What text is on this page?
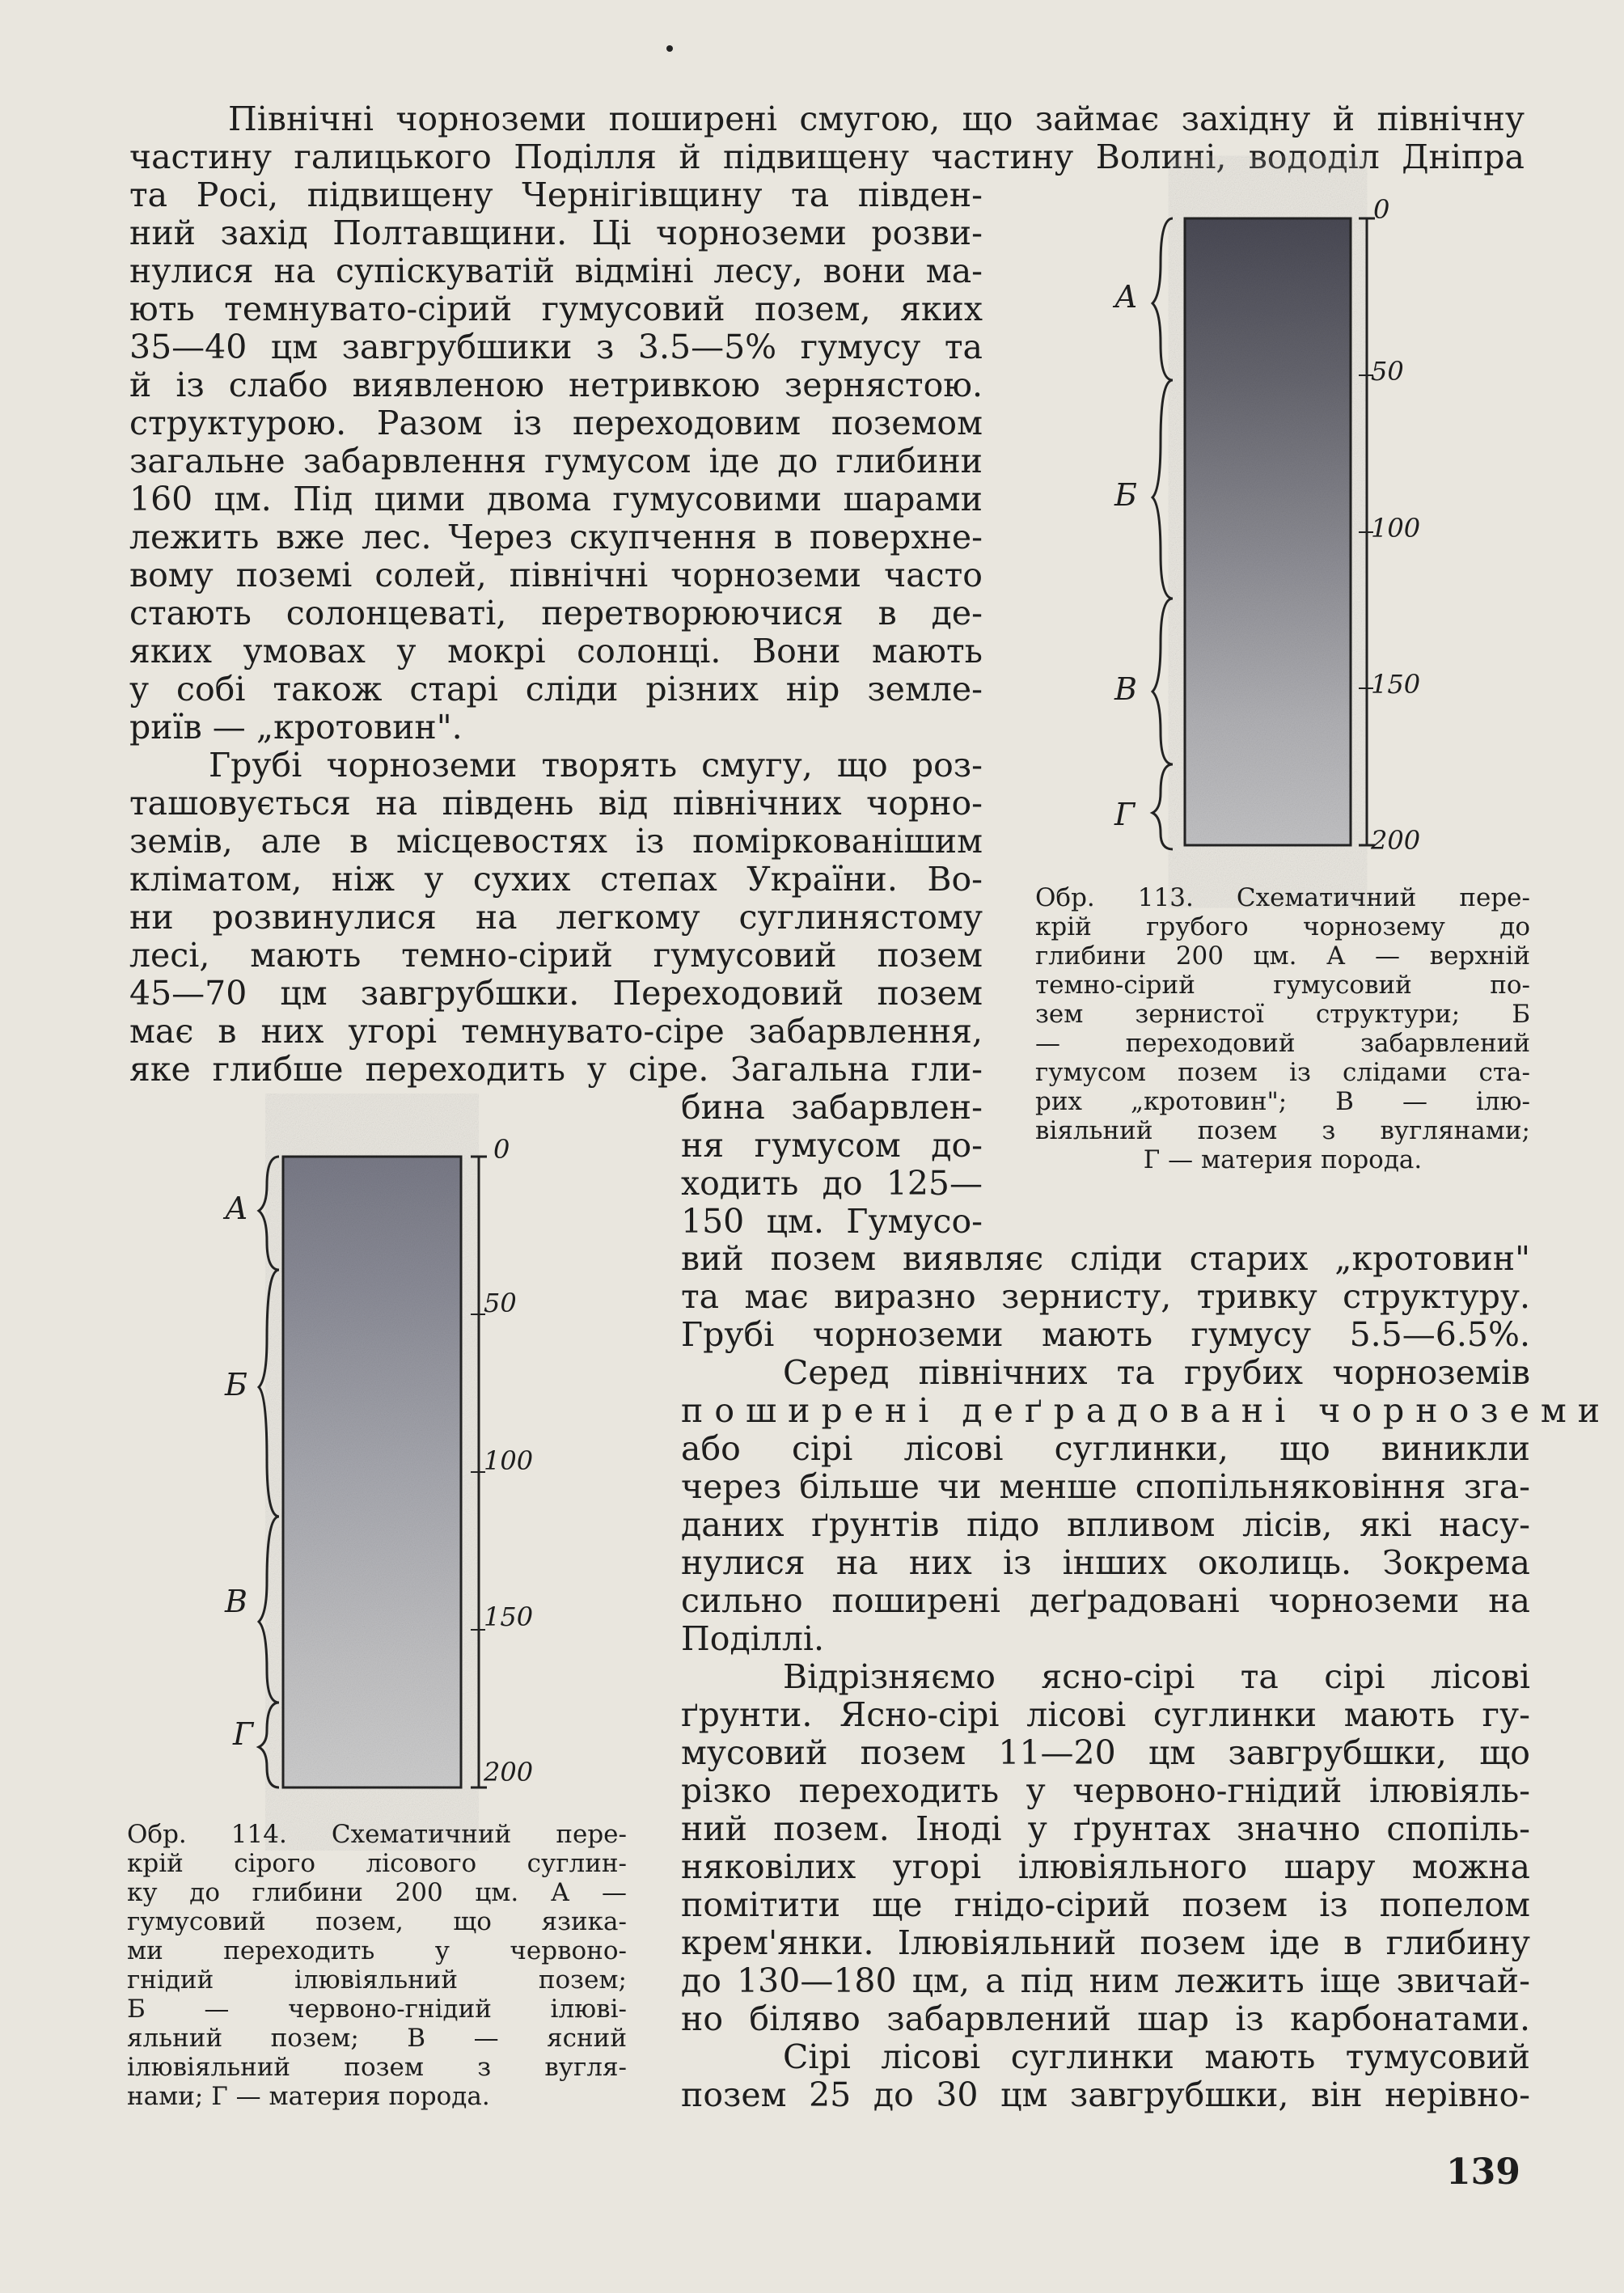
Північні чорноземи поширені смугою, що займає західну й північну
частину галицького Поділля й підвищену частину Волині, вододіл Дніпра
та Росі, підвищену Чернігівщину та півден-
ний захід Полтавщини. Ці чорноземи розви-
нулися на супіскуватій відміні лесу, вони ма-
ють темнувато-сірий гумусовий позем, яких
35—40 цм завгрубшики з 3.5—5% гумусу та
й із слабо виявленою нетривкою зернястою.
структурою. Разом із переходовим поземом
загальне забарвлення гумусом іде до глибини
160 цм. Під цими двома гумусовими шарами
лежить вже лес. Через скупчення в поверхне-
вому поземі солей, північні чорноземи часто
стають солонцеваті, перетворюючися в де-
яких умовах у мокрі солонці. Вони мають
у собі також старі сліди різних нір земле-
риїв — „кротовин".
Грубі чорноземи творять смугу, що роз-
ташовується на південь від північних чорно-
земів, але в місцевостях із поміркованішим
кліматом, ніж у сухих степах України. Во-
ни розвинулися на легкому суглинястому
лесі, мають темно-сірий гумусовий позем
45—70 цм завгрубшки. Переходовий позем
має в них угорі темнувато-сіре забарвлення,
яке глибше переходить у сіре. Загальна гли-
бина забарвлен-
ня гумусом до-
ходить до 125—
150 цм. Гумусо-
вий позем виявляє сліди старих „кротовин"
та має виразно зернисту, тривку структуру.
Грубі чорноземи мають гумусу 5.5—6.5%.
Серед північних та грубих чорноземів
поширені деґрадовані чорноземи
або сірі лісові суглинки, що виникли
через більше чи менше спопільняковіння зга-
даних ґрунтів підо впливом лісів, які насу-
нулися на них із інших околиць. Зокрема
сильно поширені деґрадовані чорноземи на
Поділлі.
Відрізняємо ясно-сірі та сірі лісові
ґрунти. Ясно-сірі лісові суглинки мають гу-
мусовий позем 11—20 цм завгрубшки, що
різко переходить у червоно-гнідий ілювіяль-
ний позем. Іноді у ґрунтах значно спопіль-
няковілих угорі ілювіяльного шару можна
помітити ще гнідо-сірий позем із попелом
крем'янки. Ілювіяльний позем іде в глибину
до 130—180 цм, а під ним лежить іще звичай-
но біляво забарвлений шар із карбонатами.
Сірі лісові суглинки мають тумусовий
позем 25 до 30 цм завгрубшки, він нерівно-
А
Б
В
Г
0
50
100
150
200
Обр. 113. Схематичний пере-
крій грубого чорнозему до
глибини 200 цм. А — верхній
темно-сірий гумусовий по-
зем зернистої структури; Б
— переходовий забарвлений
гумусом позем із слідами ста-
рих „кротовин"; В — ілю-
віяльний позем з вуглянами;
Г — материя порода.
А
Б
В
Г
0
50
100
150
200
Обр. 114. Схематичний пере-
крій сірого лісового суглин-
ку до глибини 200 цм. А —
гумусовий позем, що язика-
ми переходить у червоно-
гнідий ілювіяльний позем;
Б — червоно-гнідий ілюві-
яльний позем; В — ясний
ілювіяльний позем з вугля-
нами; Г — материя порода.
139
